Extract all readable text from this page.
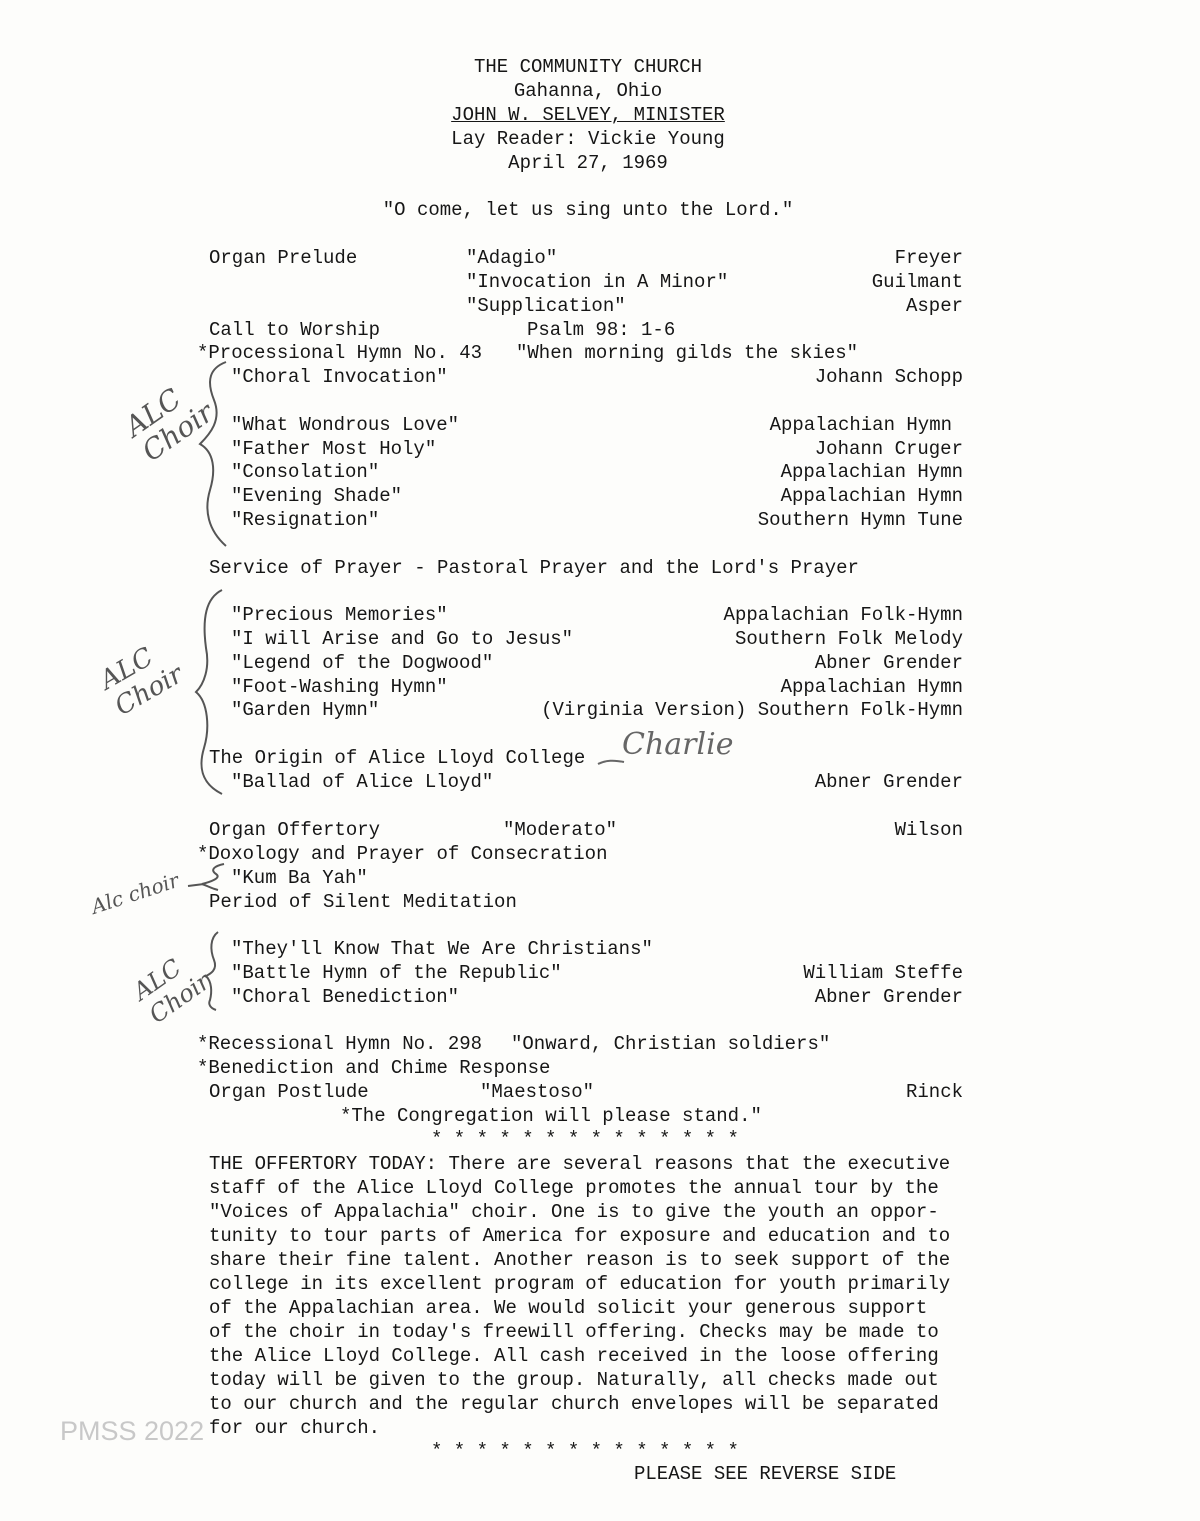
THE COMMUNITY CHURCH
Gahanna, Ohio
JOHN W. SELVEY, MINISTER
Lay Reader: Vickie Young
April 27, 1969
"O come, let us sing unto the Lord."
Organ Prelude	"Adagio"	Freyer
"Invocation in A Minor"	Guilmant
"Supplication"	Asper
Call to Worship	Psalm 98: 1-6
*Processional Hymn No. 43 "When morning gilds the skies"
"Choral Invocation"	Johann Schopp
"What Wondrous Love"	Appalachian Hymn
"Father Most Holy"	Johann Cruger
"Consolation"	Appalachian Hymn
"Evening Shade"	Appalachian Hymn
"Resignation"	Southern Hymn Tune
Service of Prayer - Pastoral Prayer and the Lord's Prayer
"Precious Memories"	Appalachian Folk-Hymn
"I will Arise and Go to Jesus"	Southern Folk Melody
"Legend of the Dogwood"	Abner Grender
"Foot-Washing Hymn"	Appalachian Hymn
"Garden Hymn"	(Virginia Version) Southern Folk-Hymn
The Origin of Alice Lloyd College Charlie
"Ballad of Alice Lloyd"	Abner Grender
Organ Offertory	"Moderato"	Wilson
*Doxology and Prayer of Consecration
"Kum Ba Yah"
Period of Silent Meditation
"They'll Know That We Are Christians"
"Battle Hymn of the Republic"	William Steffe
"Choral Benediction"	Abner Grender
*Recessional Hymn No. 298 "Onward, Christian soldiers"
*Benediction and Chime Response
Organ Postlude	"Maestoso"	Rinck
*The Congregation will please stand."
* * * * * * * * * * * * * *
THE OFFERTORY TODAY: There are several reasons that the executive
staff of the Alice Lloyd College promotes the annual tour by the
"Voices of Appalachia" choir. One is to give the youth an oppor-
tunity to tour parts of America for exposure and education and to
share their fine talent. Another reason is to seek support of the
college in its excellent program of education for youth primarily
of the Appalachian area. We would solicit your generous support
of the choir in today's freewill offering. Checks may be made to
the Alice Lloyd College. All cash received in the loose offering
today will be given to the group. Naturally, all checks made out
to our church and the regular church envelopes will be separated
for our church.
* * * * * * * * * * * * * *
PLEASE SEE REVERSE SIDE
ALC
Choir
ALC
Choir
Alc choir
ALC
Choir
PMSS 2022
